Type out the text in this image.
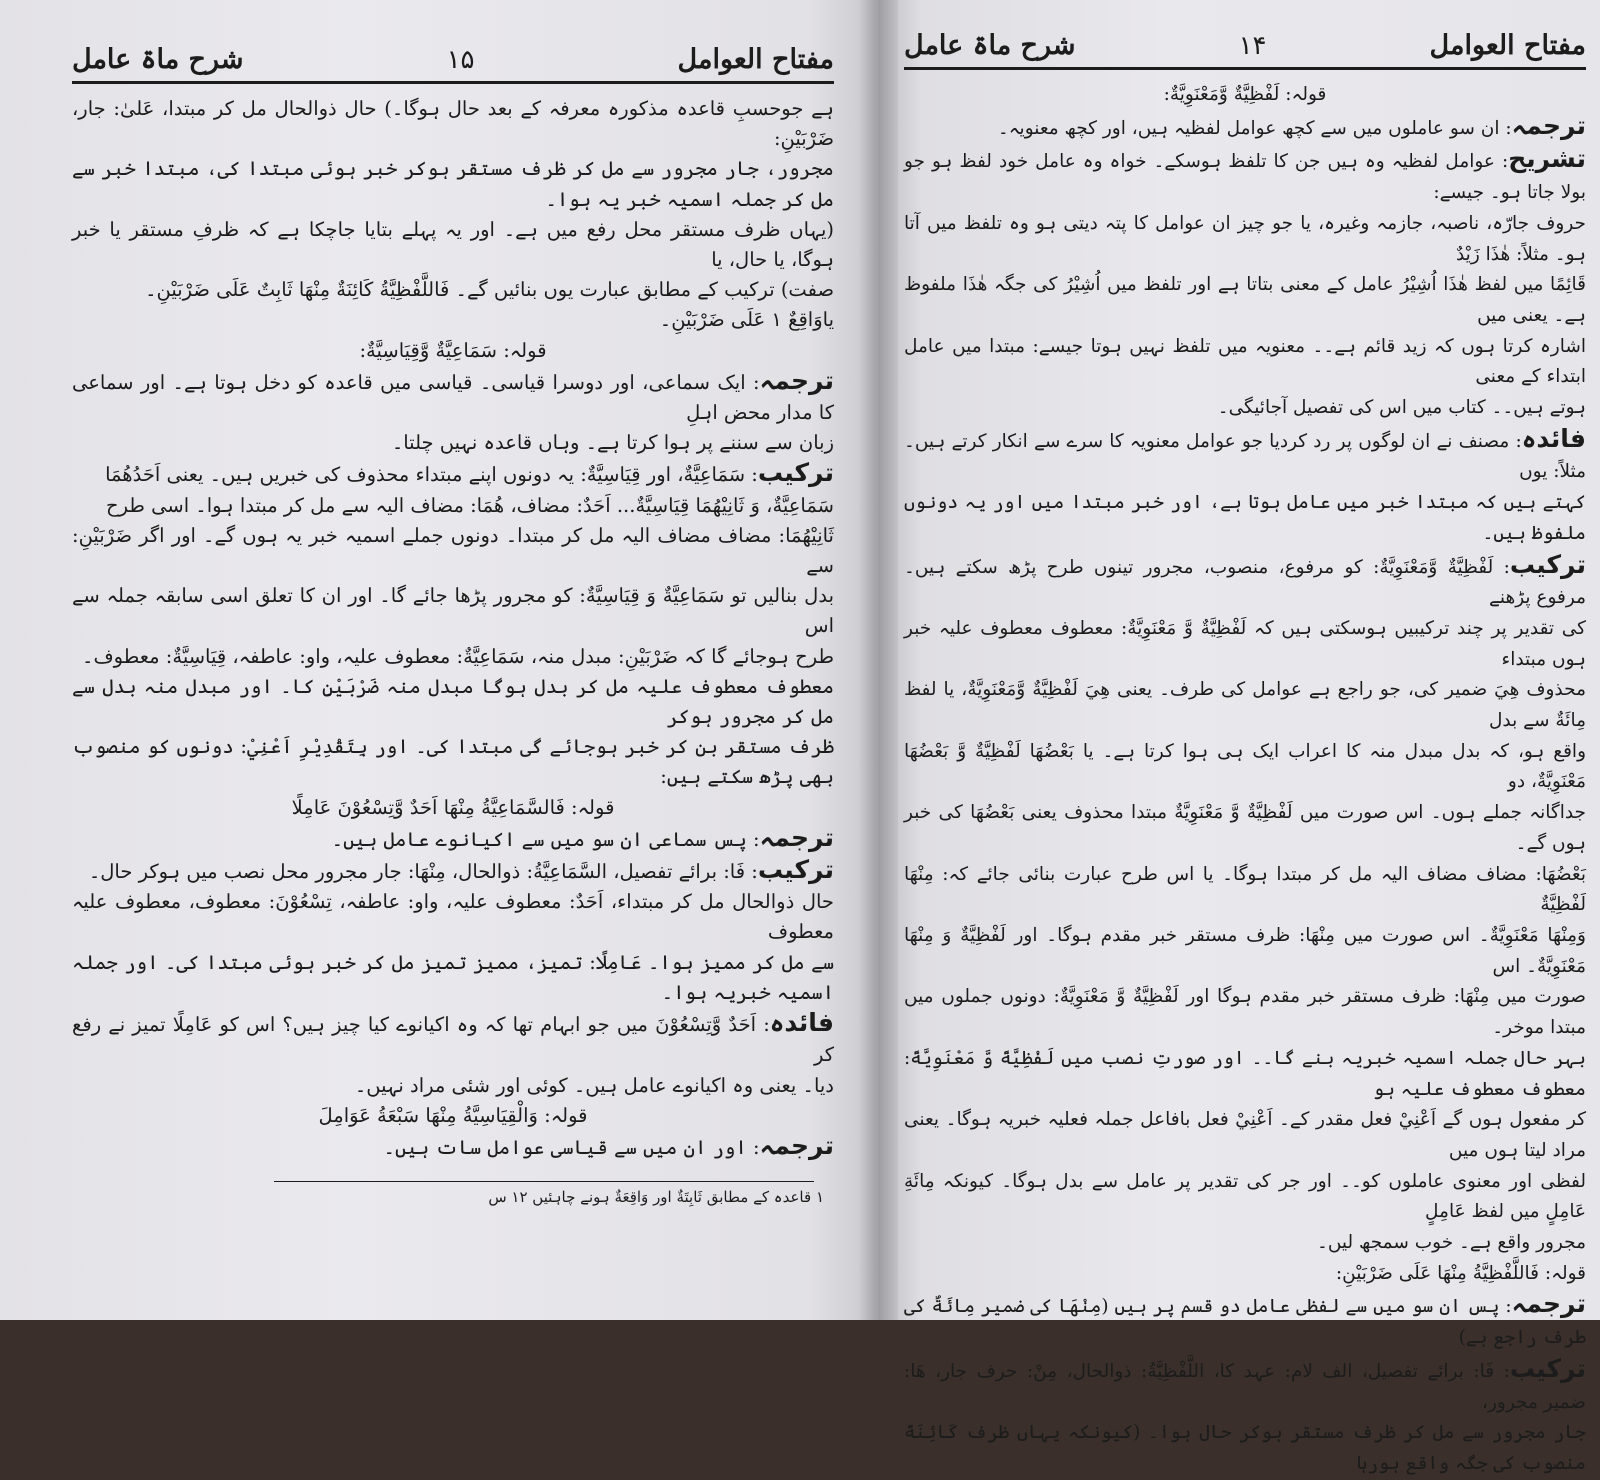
شرح ماۃ عامل	۱۵	مفتاح العوامل

ہے جوحسبِ قاعدہ مذکورہ معرفہ کے بعد حال ہوگا۔) حال ذوالحال مل کر مبتدا، عَلیٰ: جار، ضَرْبَیْنِ:

مجرور، جار مجرور سے مل کر ظرف مستقر ہوکر خبر ہوئی مبتدا کی، مبتدا خبر سے مل کر جملہ اسمیہ خبر یہ ہوا۔

(یہاں ظرف مستقر محل رفع میں ہے۔ اور یہ پہلے بتایا جاچکا ہے کہ ظرفِ مستقر یا خبر ہوگا، یا حال، یا

صفت) ترکیب کے مطابق عبارت یوں بنائیں گے۔ فَاللَّفْظِيَّةُ كَائِنَةٌ مِنْهَا ثَابِتٌ عَلَى ضَرْبَيْنِ۔

یاوَاقِعٌ ۱ عَلَى ضَرْبَيْنِ۔

قولہ: سَمَاعِيَّةٌ وَّقِيَاسِيَّةٌ:

ترجمہ: ایک سماعی، اور دوسرا قیاسی۔ قیاسی میں قاعدہ کو دخل ہوتا ہے۔ اور سماعی کا مدار محض اہلِ

زبان سے سننے پر ہوا کرتا ہے۔ وہاں قاعدہ نہیں چلتا۔

ترکیب: سَمَاعِيَّةٌ، اور قِيَاسِيَّةٌ: یہ دونوں اپنے مبتداء محذوف کی خبریں ہیں۔ یعنی اَحَدُهُمَا

سَمَاعِيَّةٌ، وَ ثَانِيْهُمَا قِيَاسِيَّةٌ... اَحَدٌ: مضاف، هُمَا: مضاف الیہ سے مل کر مبتدا ہوا۔ اسی طرح

ثَانِيْهُمَا: مضاف مضاف الیہ مل کر مبتدا۔ دونوں جملے اسمیہ خبر یہ ہوں گے۔ اور اگر ضَرْبَيْنِ: سے

بدل بنالیں تو سَمَاعِيَّةٌ وَ قِيَاسِيَّةٌ: کو مجرور پڑھا جائے گا۔ اور ان کا تعلق اسی سابقہ جملہ سے اس

طرح ہوجائے گا کہ ضَرْبَيْنِ: مبدل منہ، سَمَاعِيَّةٌ: معطوف علیہ، واو: عاطفہ، قِيَاسِيَّةٌ: معطوف۔

معطوف معطوف علیہ مل کر بدل ہوگا مبدل منہ ضَرْبَيْنِ کا۔ اور مبدل منہ بدل سے مل کر مجرور ہوکر

ظرف مستقر بن کر خبر ہوجائے گی مبتدا کی۔ اور بِتَقْدِيْرِ اَعْنِيْ: دونوں کو منصوب بھی پڑھ سکتے ہیں:

قولہ: فَالسَّمَاعِيَّةُ مِنْهَا اَحَدٌ وَّتِسْعُوْنَ عَامِلًا

ترجمہ: پس سماعی ان سو میں سے اکیانوے عامل ہیں۔

ترکیب: فَا: برائے تفصیل، السَّمَاعِيَّةُ: ذوالحال، مِنْهَا: جار مجرور محل نصب میں ہوکر حال۔

حال ذوالحال مل کر مبتداء، اَحَدٌ: معطوف علیہ، واو: عاطفہ، تِسْعُوْنَ: معطوف، معطوف علیہ معطوف

سے مل کر ممیز ہوا۔ عَامِلًا: تمیز، ممیز تمیز مل کر خبر ہوئی مبتدا کی۔ اور جملہ اسمیہ خبریہ ہوا۔

فائدہ: اَحَدٌ وَّتِسْعُوْنَ میں جو ابہام تھا کہ وہ اکیانوے کیا چیز ہیں؟ اس کو عَامِلًا تمیز نے رفع کر

دیا۔ یعنی وہ اکیانوے عامل ہیں۔ کوئی اور شئی مراد نہیں۔

قولہ: وَالْقِيَاسِيَّةُ مِنْهَا سَبْعَةُ عَوَامِلَ

ترجمہ: اور ان میں سے قیاسی عوامل سات ہیں۔

۱ قاعدہ کے مطابق ثَابِتَةٌ اور وَاقِعَةٌ ہونے چاہئیں ۱۲ س
شرح ماۃ عامل	۱۴	مفتاح العوامل

قولہ: لَفْظِيَّةٌ وَّمَعْنَوِيَّةٌ:

ترجمہ: ان سو عاملوں میں سے کچھ عوامل لفظیہ ہیں، اور کچھ معنویہ۔

تشریح: عوامل لفظیہ وہ ہیں جن کا تلفظ ہوسکے۔ خواہ وہ عامل خود لفظ ہو جو بولا جاتا ہو۔ جیسے:

حروف جارّہ، ناصبہ، جازمہ وغیرہ، یا جو چیز ان عوامل کا پتہ دیتی ہو وہ تلفظ میں آتا ہو۔ مثلاً: هٰذَا زَيْدٌ

قَائِمًا میں لفظ هٰذَا اُشِيْرُ عامل کے معنی بتاتا ہے اور تلفظ میں اُشِيْرُ کی جگہ هٰذَا ملفوظ ہے۔ یعنی میں

اشارہ کرتا ہوں کہ زید قائم ہے۔۔ معنویہ میں تلفظ نہیں ہوتا جیسے: مبتدا میں عامل ابتداء کے معنی

ہوتے ہیں۔۔ کتاب میں اس کی تفصیل آجائیگی۔

فائدہ: مصنف نے ان لوگوں پر رد کردیا جو عوامل معنویہ کا سرے سے انکار کرتے ہیں۔ مثلاً: یوں

کہتے ہیں کہ مبتدا خبر میں عامل ہوتا ہے، اور خبر مبتدا میں اور یہ دونوں ملفوظ ہیں۔

ترکیب: لَفْظِيَّةٌ وَّمَعْنَوِيَّةٌ: کو مرفوع، منصوب، مجرور تینوں طرح پڑھ سکتے ہیں۔ مرفوع پڑھنے

کی تقدیر پر چند ترکیبیں ہوسکتی ہیں کہ لَفْظِيَّةٌ وَّ مَعْنَوِيَّةٌ: معطوف معطوف علیہ خبر ہوں مبتداء

محذوف هِيَ ضمیر کی، جو راجع ہے عوامل کی طرف۔ یعنی هِيَ لَفْظِيَّةٌ وَّمَعْنَوِيَّةٌ، یا لفظ مِائَةٌ سے بدل

واقع ہو، کہ بدل مبدل منہ کا اعراب ایک ہی ہوا کرتا ہے۔ یا بَعْضُهَا لَفْظِيَّةٌ وَّ بَعْضُهَا مَعْنَوِيَّةٌ، دو

جداگانہ جملے ہوں۔ اس صورت میں لَفْظِيَّةٌ وَّ مَعْنَوِيَّةٌ مبتدا محذوف یعنی بَعْضُهَا کی خبر ہوں گے۔

بَعْضُهَا: مضاف مضاف الیہ مل کر مبتدا ہوگا۔ یا اس طرح عبارت بنائی جائے کہ: مِنْهَا لَفْظِيَّةٌ

وَمِنْهَا مَعْنَوِيَّةٌ۔ اس صورت میں مِنْهَا: ظرف مستقر خبر مقدم ہوگا۔ اور لَفْظِيَّةٌ وَ مِنْهَا مَعْنَوِيَّةٌ۔ اس

صورت میں مِنْهَا: ظرف مستقر خبر مقدم ہوگا اور لَفْظِيَّةٌ وَّ مَعْنَوِيَّةٌ: دونوں جملوں میں مبتدا موخر۔

بہر حال جملہ اسمیہ خبریہ بنے گا۔۔ اور صورتِ نصب میں لَفْظِيَّةً وَّ مَعْنَوِيَّةً: معطوف معطوف علیہ ہو

کر مفعول ہوں گے اَعْنِيْ فعل مقدر کے۔ اَعْنِيْ فعل بافاعل جملہ فعلیہ خبریہ ہوگا۔ یعنی مراد لیتا ہوں میں

لفظی اور معنوی عاملوں کو۔۔ اور جر کی تقدیر پر عامل سے بدل ہوگا۔ کیونکہ مِائَةِ عَامِلٍ میں لفظ عَامِلٍ

مجرور واقع ہے۔ خوب سمجھ لیں۔

قولہ: فَاللَّفْظِيَّةُ مِنْهَا عَلَى ضَرْبَيْنِ:

ترجمہ: پس ان سو میں سے لفظی عامل دو قسم پر ہیں (مِنْهَا کی ضمیر مِائَةٌ کی طرف راجع ہے)

ترکیب: فَا: برائے تفصیل، الف لام: عہد کا، اللَّفْظِيَّةُ: ذوالحال، مِنْ: حرف جار، هَا: ضمیر مجرور،

جار مجرور سے مل کر ظرف مستقر ہوکر حال ہوا۔ (کیونکہ یہاں ظرف كَائِنَةً منصوب کی جگہ واقع ہورہا
